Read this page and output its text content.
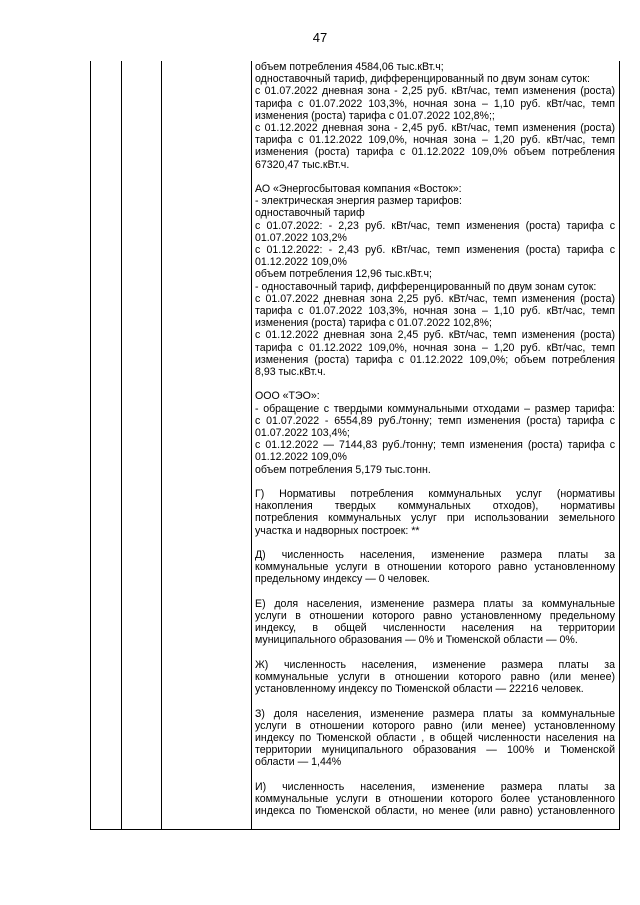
47

объем потребления 4584,06 тыс.кВт.ч;
одноставочный тариф, дифференцированный по двум зонам суток:
с 01.07.2022 дневная зона - 2,25 руб. кВт/час, темп изменения (роста)
тарифа с 01.07.2022 103,3%, ночная зона – 1,10 руб. кВт/час, темп
изменения (роста) тарифа с 01.07.2022 102,8%;;
с 01.12.2022 дневная зона - 2,45 руб. кВт/час, темп изменения (роста)
тарифа с 01.12.2022 109,0%, ночная зона – 1,20 руб. кВт/час, темп
изменения (роста) тарифа с 01.12.2022 109,0% объем потребления
67320,47 тыс.кВт.ч.

АО «Энергосбытовая компания «Восток»:
- электрическая энергия размер тарифов:
одноставочный тариф
с 01.07.2022: - 2,23 руб. кВт/час, темп изменения (роста) тарифа с
01.07.2022 103,2%
с 01.12.2022: - 2,43 руб. кВт/час, темп изменения (роста) тарифа с
01.12.2022 109,0%
объем потребления 12,96 тыс.кВт.ч;
- одноставочный тариф, дифференцированный по двум зонам суток:
с 01.07.2022 дневная зона 2,25 руб. кВт/час, темп изменения (роста)
тарифа с 01.07.2022 103,3%, ночная зона – 1,10 руб. кВт/час, темп
изменения (роста) тарифа с 01.07.2022 102,8%;
с 01.12.2022 дневная зона 2,45 руб. кВт/час, темп изменения (роста)
тарифа с 01.12.2022 109,0%, ночная зона – 1,20 руб. кВт/час, темп
изменения (роста) тарифа с 01.12.2022 109,0%; объем потребления
8,93 тыс.кВт.ч.

ООО «ТЭО»:
- обращение с твердыми коммунальными отходами – размер тарифа:
с 01.07.2022 - 6554,89 руб./тонну; темп изменения (роста) тарифа с
01.07.2022 103,4%;
с 01.12.2022 — 7144,83 руб./тонну; темп изменения (роста) тарифа с
01.12.2022 109,0%
объем потребления 5,179 тыс.тонн.

Г) Нормативы потребления коммунальных услуг (нормативы
накопления твердых коммунальных отходов), нормативы
потребления коммунальных услуг при использовании земельного
участка и надворных построек: **

Д) численность населения, изменение размера платы за
коммунальные услуги в отношении которого равно установленному
предельному индексу — 0 человек.

Е) доля населения, изменение размера платы за коммунальные
услуги в отношении которого равно установленному предельному
индексу, в общей численности населения на территории
муниципального образования — 0% и Тюменской области — 0%.

Ж) численность населения, изменение размера платы за
коммунальные услуги в отношении которого равно (или менее)
установленному индексу по Тюменской области — 22216 человек.

З) доля населения, изменение размера платы за коммунальные
услуги в отношении которого равно (или менее) установленному
индексу по Тюменской области , в общей численности населения на
территории муниципального образования — 100% и Тюменской
области — 1,44%

И) численность населения, изменение размера платы за
коммунальные услуги в отношении которого более установленного
индекса по Тюменской области, но менее (или равно) установленного
